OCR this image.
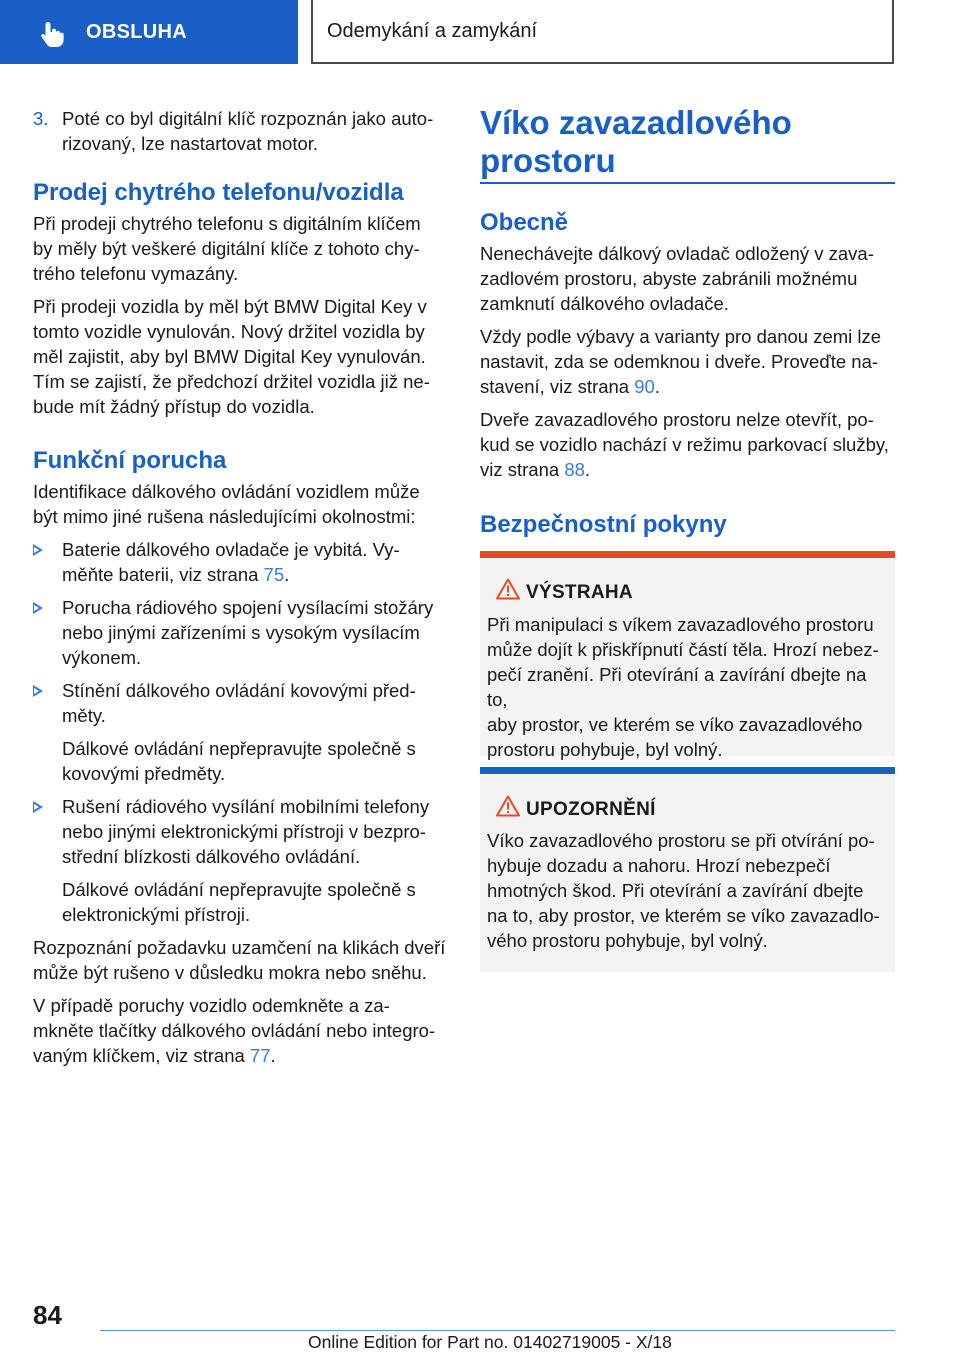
OBSLUHA	Odemykání a zamykání
3. Poté co byl digitální klíč rozpoznán jako auto‐
rizovaný, lze nastartovat motor.

Prodej chytrého telefonu/vozidla

Při prodeji chytrého telefonu s digitálním klíčem
by měly být veškeré digitální klíče z tohoto chy‐
trého telefonu vymazány.

Při prodeji vozidla by měl být BMW Digital Key v
tomto vozidle vynulován. Nový držitel vozidla by
měl zajistit, aby byl BMW Digital Key vynulován.
Tím se zajistí, že předchozí držitel vozidla již ne‐
bude mít žádný přístup do vozidla.

Funkční porucha

Identifikace dálkového ovládání vozidlem může
být mimo jiné rušena následujícími okolnostmi:

Baterie dálkového ovladače je vybitá. Vy‐
měňte baterii, viz strana 75.
Porucha rádiového spojení vysílacími stožáry
nebo jinými zařízeními s vysokým vysílacím
výkonem.
Stínění dálkového ovládání kovovými před‐
měty.

Dálkové ovládání nepřepravujte společně s
kovovými předměty.

Rušení rádiového vysílání mobilními telefony
nebo jinými elektronickými přístroji v bezpro‐
střední blízkosti dálkového ovládání.

Dálkové ovládání nepřepravujte společně s
elektronickými přístroji.

Rozpoznání požadavku uzamčení na klikách dveří
může být rušeno v důsledku mokra nebo sněhu.

V případě poruchy vozidlo odemkněte a za‐
mkněte tlačítky dálkového ovládání nebo integro‐
vaným klíčkem, viz strana 77.

Víko zavazadlového
prostoru
Obecně

Nenechávejte dálkový ovladač odložený v zava‐
zadlovém prostoru, abyste zabránili možnému
zamknutí dálkového ovladače.

Vždy podle výbavy a varianty pro danou zemi lze
nastavit, zda se odemknou i dveře. Proveďte na‐
stavení, viz strana 90.

Dveře zavazadlového prostoru nelze otevřít, po‐
kud se vozidlo nachází v režimu parkovací služby,
viz strana 88.

Bezpečnostní pokyny
VÝSTRAHA

Při manipulaci s víkem zavazadlového prostoru
může dojít k přiskřípnutí částí těla. Hrozí nebez‐
pečí zranění. Při otevírání a zavírání dbejte na to,
aby prostor, ve kterém se víko zavazadlového
prostoru pohybuje, byl volný.

UPOZORNĚNÍ

Víko zavazadlového prostoru se při otvírání po‐
hybuje dozadu a nahoru. Hrozí nebezpečí
hmotných škod. Při otevírání a zavírání dbejte
na to, aby prostor, ve kterém se víko zavazadlo‐
vého prostoru pohybuje, byl volný.

84
Online Edition for Part no. 01402719005 - X/18
